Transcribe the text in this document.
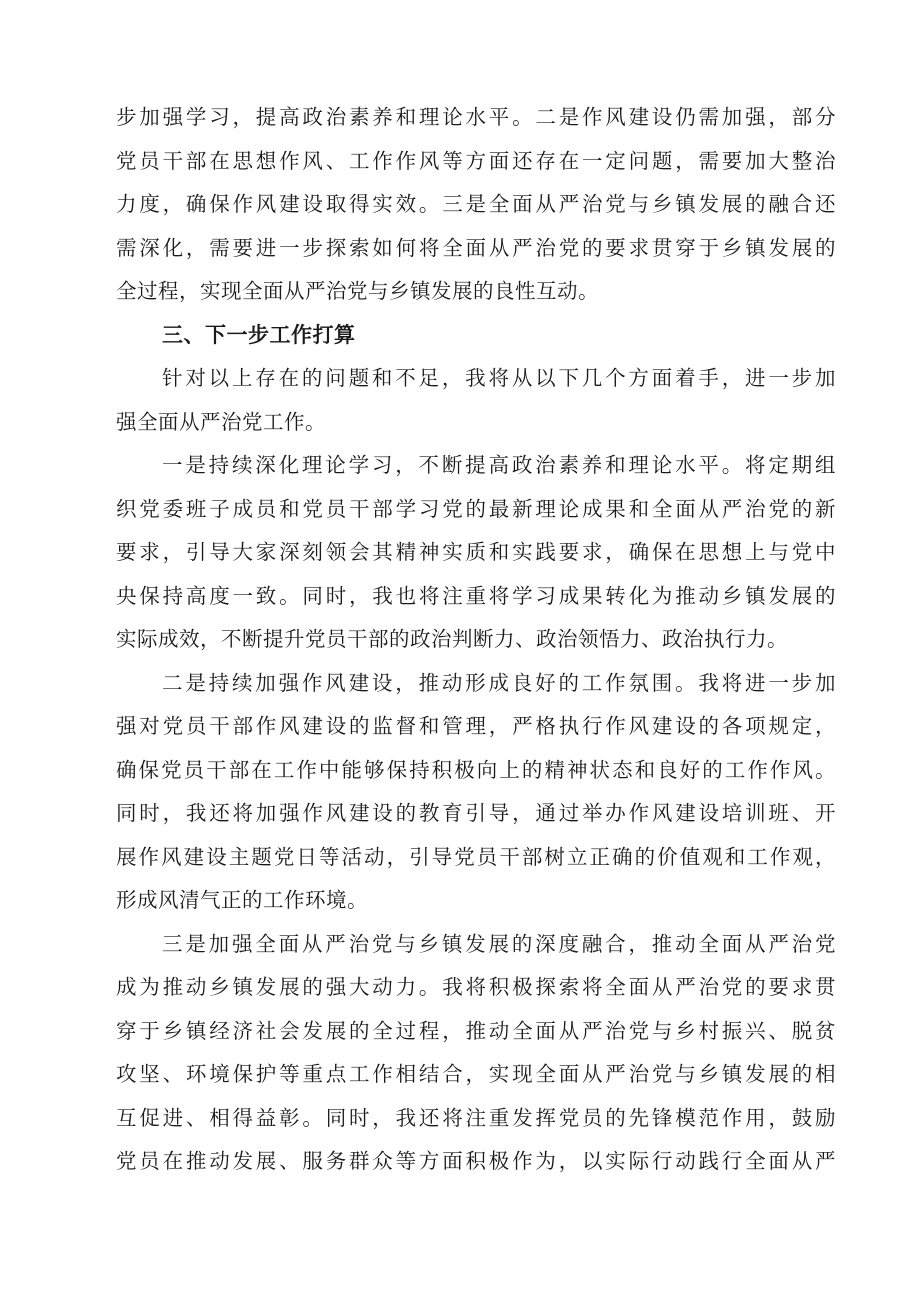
步加强学习，提高政治素养和理论水平。二是作风建设仍需加强，部分
党员干部在思想作风、工作作风等方面还存在一定问题，需要加大整治
力度，确保作风建设取得实效。三是全面从严治党与乡镇发展的融合还
需深化，需要进一步探索如何将全面从严治党的要求贯穿于乡镇发展的
全过程，实现全面从严治党与乡镇发展的良性互动。
三、下一步工作打算
针对以上存在的问题和不足，我将从以下几个方面着手，进一步加
强全面从严治党工作。
一是持续深化理论学习，不断提高政治素养和理论水平。将定期组
织党委班子成员和党员干部学习党的最新理论成果和全面从严治党的新
要求，引导大家深刻领会其精神实质和实践要求，确保在思想上与党中
央保持高度一致。同时，我也将注重将学习成果转化为推动乡镇发展的
实际成效，不断提升党员干部的政治判断力、政治领悟力、政治执行力。
二是持续加强作风建设，推动形成良好的工作氛围。我将进一步加
强对党员干部作风建设的监督和管理，严格执行作风建设的各项规定，
确保党员干部在工作中能够保持积极向上的精神状态和良好的工作作风。
同时，我还将加强作风建设的教育引导，通过举办作风建设培训班、开
展作风建设主题党日等活动，引导党员干部树立正确的价值观和工作观，
形成风清气正的工作环境。
三是加强全面从严治党与乡镇发展的深度融合，推动全面从严治党
成为推动乡镇发展的强大动力。我将积极探索将全面从严治党的要求贯
穿于乡镇经济社会发展的全过程，推动全面从严治党与乡村振兴、脱贫
攻坚、环境保护等重点工作相结合，实现全面从严治党与乡镇发展的相
互促进、相得益彰。同时，我还将注重发挥党员的先锋模范作用，鼓励
党员在推动发展、服务群众等方面积极作为，以实际行动践行全面从严
